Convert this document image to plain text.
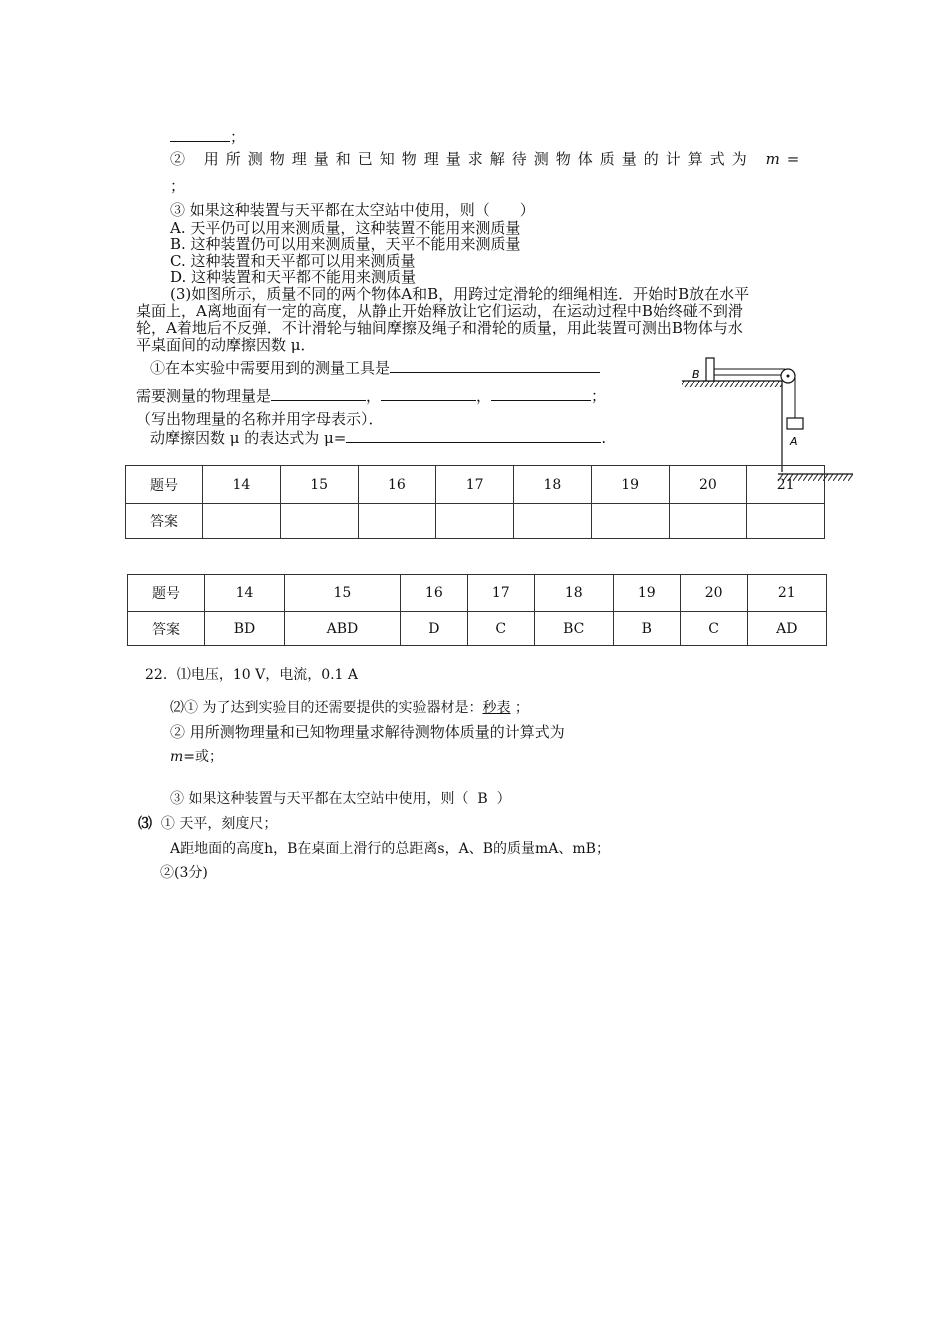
；
② 用所测物理量和已知物理量求解待测物体质量的计算式为 m=
；
③ 如果这种装置与天平都在太空站中使用，则（　　）
A. 天平仍可以用来测质量，这种装置不能用来测质量
B. 这种装置仍可以用来测质量，天平不能用来测质量
C. 这种装置和天平都可以用来测质量
D. 这种装置和天平都不能用来测质量
(3)如图所示，质量不同的两个物体A和B，用跨过定滑轮的细绳相连．开始时B放在水平
桌面上，A离地面有一定的高度，从静止开始释放让它们运动，在运动过程中B始终碰不到滑
轮，A着地后不反弹．不计滑轮与轴间摩擦及绳子和滑轮的质量，用此装置可测出B物体与水
平桌面间的动摩擦因数 μ．
①在本实验中需要用到的测量工具是
需要测量的物理量是	，	，	；
（写出物理量的名称并用字母表示）．
动摩擦因数 μ 的表达式为 μ=	.
B
A
题号	14	15	16	17	18	19	20	21
答案								
题号	14	15	16	17	18	19	20	21
答案	BD	ABD	D	C	BC	B	C	AD
22．⑴电压，10 V，电流，0.1 A
⑵① 为了达到实验目的还需要提供的实验器材是：秒表 ；
② 用所测物理量和已知物理量求解待测物体质量的计算式为
m=或；
③ 如果这种装置与天平都在太空站中使用，则（ B ）
⑶ ① 天平，刻度尺；
A距地面的高度h，B在桌面上滑行的总距离s，A、B的质量mA、mB；
②(3分)
